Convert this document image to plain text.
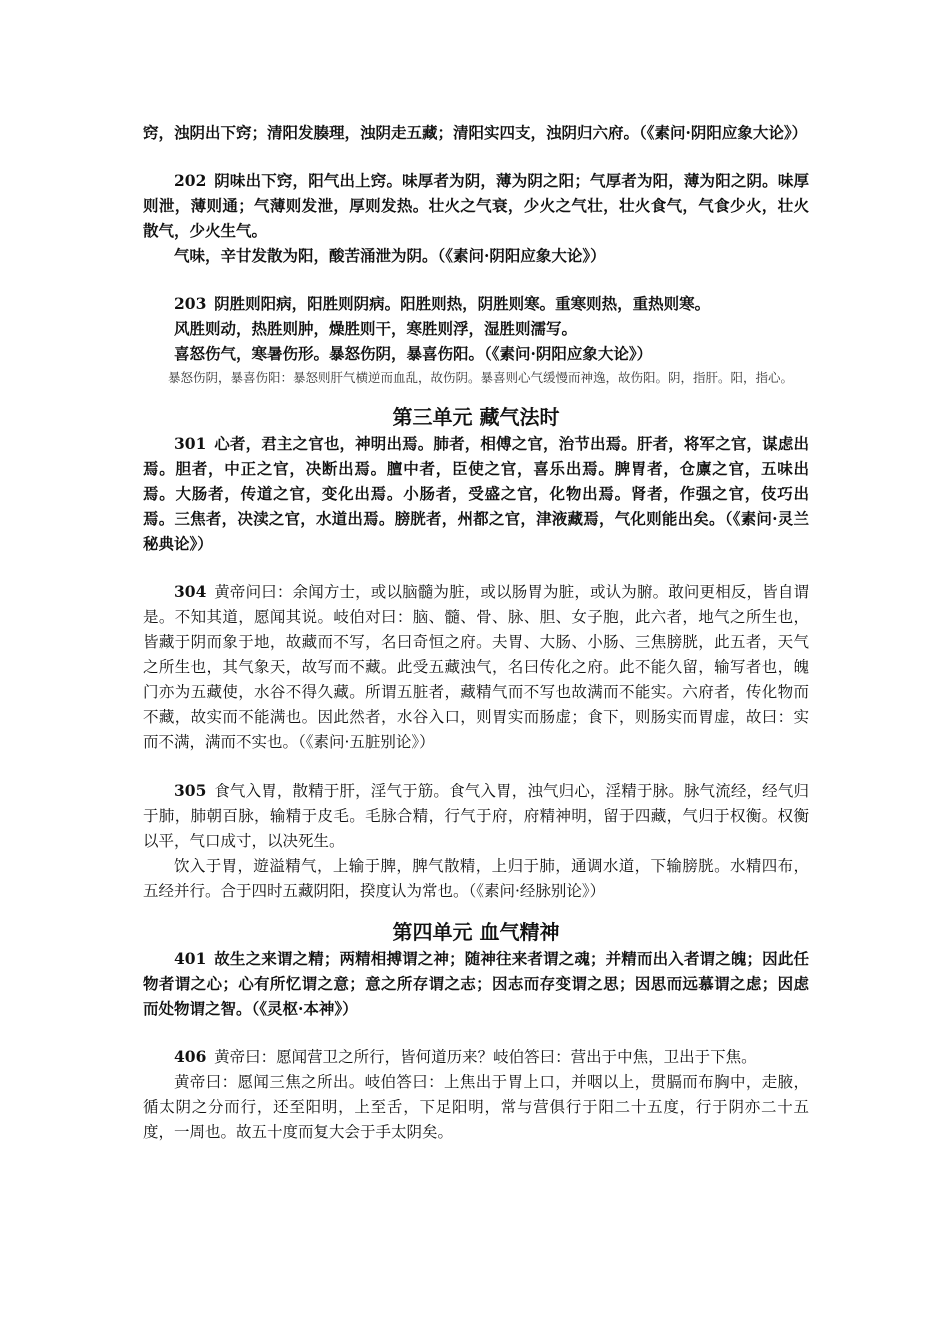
窍，浊阴出下窍；清阳发腠理，浊阴走五藏；清阳实四支，浊阴归六府。（《素问·阴阳应象大论》）

202 阴味出下窍，阳气出上窍。味厚者为阴，薄为阴之阳；气厚者为阳，薄为阳之阴。味厚则泄，薄则通；气薄则发泄，厚则发热。壮火之气衰，少火之气壮，壮火食气，气食少火，壮火散气，少火生气。

气味，辛甘发散为阳，酸苦涌泄为阴。（《素问·阴阳应象大论》）

203 阴胜则阳病，阳胜则阴病。阳胜则热，阴胜则寒。重寒则热，重热则寒。

风胜则动，热胜则肿，燥胜则干，寒胜则浮，湿胜则濡写。

喜怒伤气，寒暑伤形。暴怒伤阴，暴喜伤阳。（《素问·阴阳应象大论》）

暴怒伤阴，暴喜伤阳：暴怒则肝气横逆而血乱，故伤阴。暴喜则心气缓慢而神逸，故伤阳。阴，指肝。阳，指心。

第三单元 藏气法时

301 心者，君主之官也，神明出焉。肺者，相傅之官，治节出焉。肝者，将军之官，谋虑出焉。胆者，中正之官，决断出焉。膻中者，臣使之官，喜乐出焉。脾胃者，仓廪之官，五味出焉。大肠者，传道之官，变化出焉。小肠者，受盛之官，化物出焉。肾者，作强之官，伎巧出焉。三焦者，决渎之官，水道出焉。膀胱者，州都之官，津液藏焉，气化则能出矣。（《素问·灵兰秘典论》）

304 黄帝问曰：余闻方士，或以脑髓为脏，或以肠胃为脏，或认为腑。敢问更相反，皆自谓是。不知其道，愿闻其说。岐伯对曰：脑、髓、骨、脉、胆、女子胞，此六者，地气之所生也，皆藏于阴而象于地，故藏而不写，名曰奇恒之府。夫胃、大肠、小肠、三焦膀胱，此五者，天气之所生也，其气象天，故写而不藏。此受五藏浊气，名曰传化之府。此不能久留，输写者也，魄门亦为五藏使，水谷不得久藏。所谓五脏者，藏精气而不写也故满而不能实。六府者，传化物而不藏，故实而不能满也。因此然者，水谷入口，则胃实而肠虚；食下，则肠实而胃虚，故曰：实而不满，满而不实也。（《素问·五脏别论》）

305 食气入胃，散精于肝，淫气于筋。食气入胃，浊气归心，淫精于脉。脉气流经，经气归于肺，肺朝百脉，输精于皮毛。毛脉合精，行气于府，府精神明，留于四藏，气归于权衡。权衡以平，气口成寸，以决死生。

饮入于胃，遊溢精气，上输于脾，脾气散精，上归于肺，通调水道，下输膀胱。水精四布，五经并行。合于四时五藏阴阳，揆度认为常也。（《素问·经脉别论》）

第四单元 血气精神

401 故生之来谓之精；两精相搏谓之神；随神往来者谓之魂；并精而出入者谓之魄；因此任物者谓之心；心有所忆谓之意；意之所存谓之志；因志而存变谓之思；因思而远慕谓之虑；因虑而处物谓之智。（《灵枢·本神》）

406 黄帝曰：愿闻营卫之所行，皆何道历来？岐伯答曰：营出于中焦，卫出于下焦。

黄帝曰：愿闻三焦之所出。岐伯答曰：上焦出于胃上口，并咽以上，贯膈而布胸中，走腋，循太阴之分而行，还至阳明，上至舌，下足阳明，常与营俱行于阳二十五度，行于阴亦二十五度，一周也。故五十度而复大会于手太阴矣。
